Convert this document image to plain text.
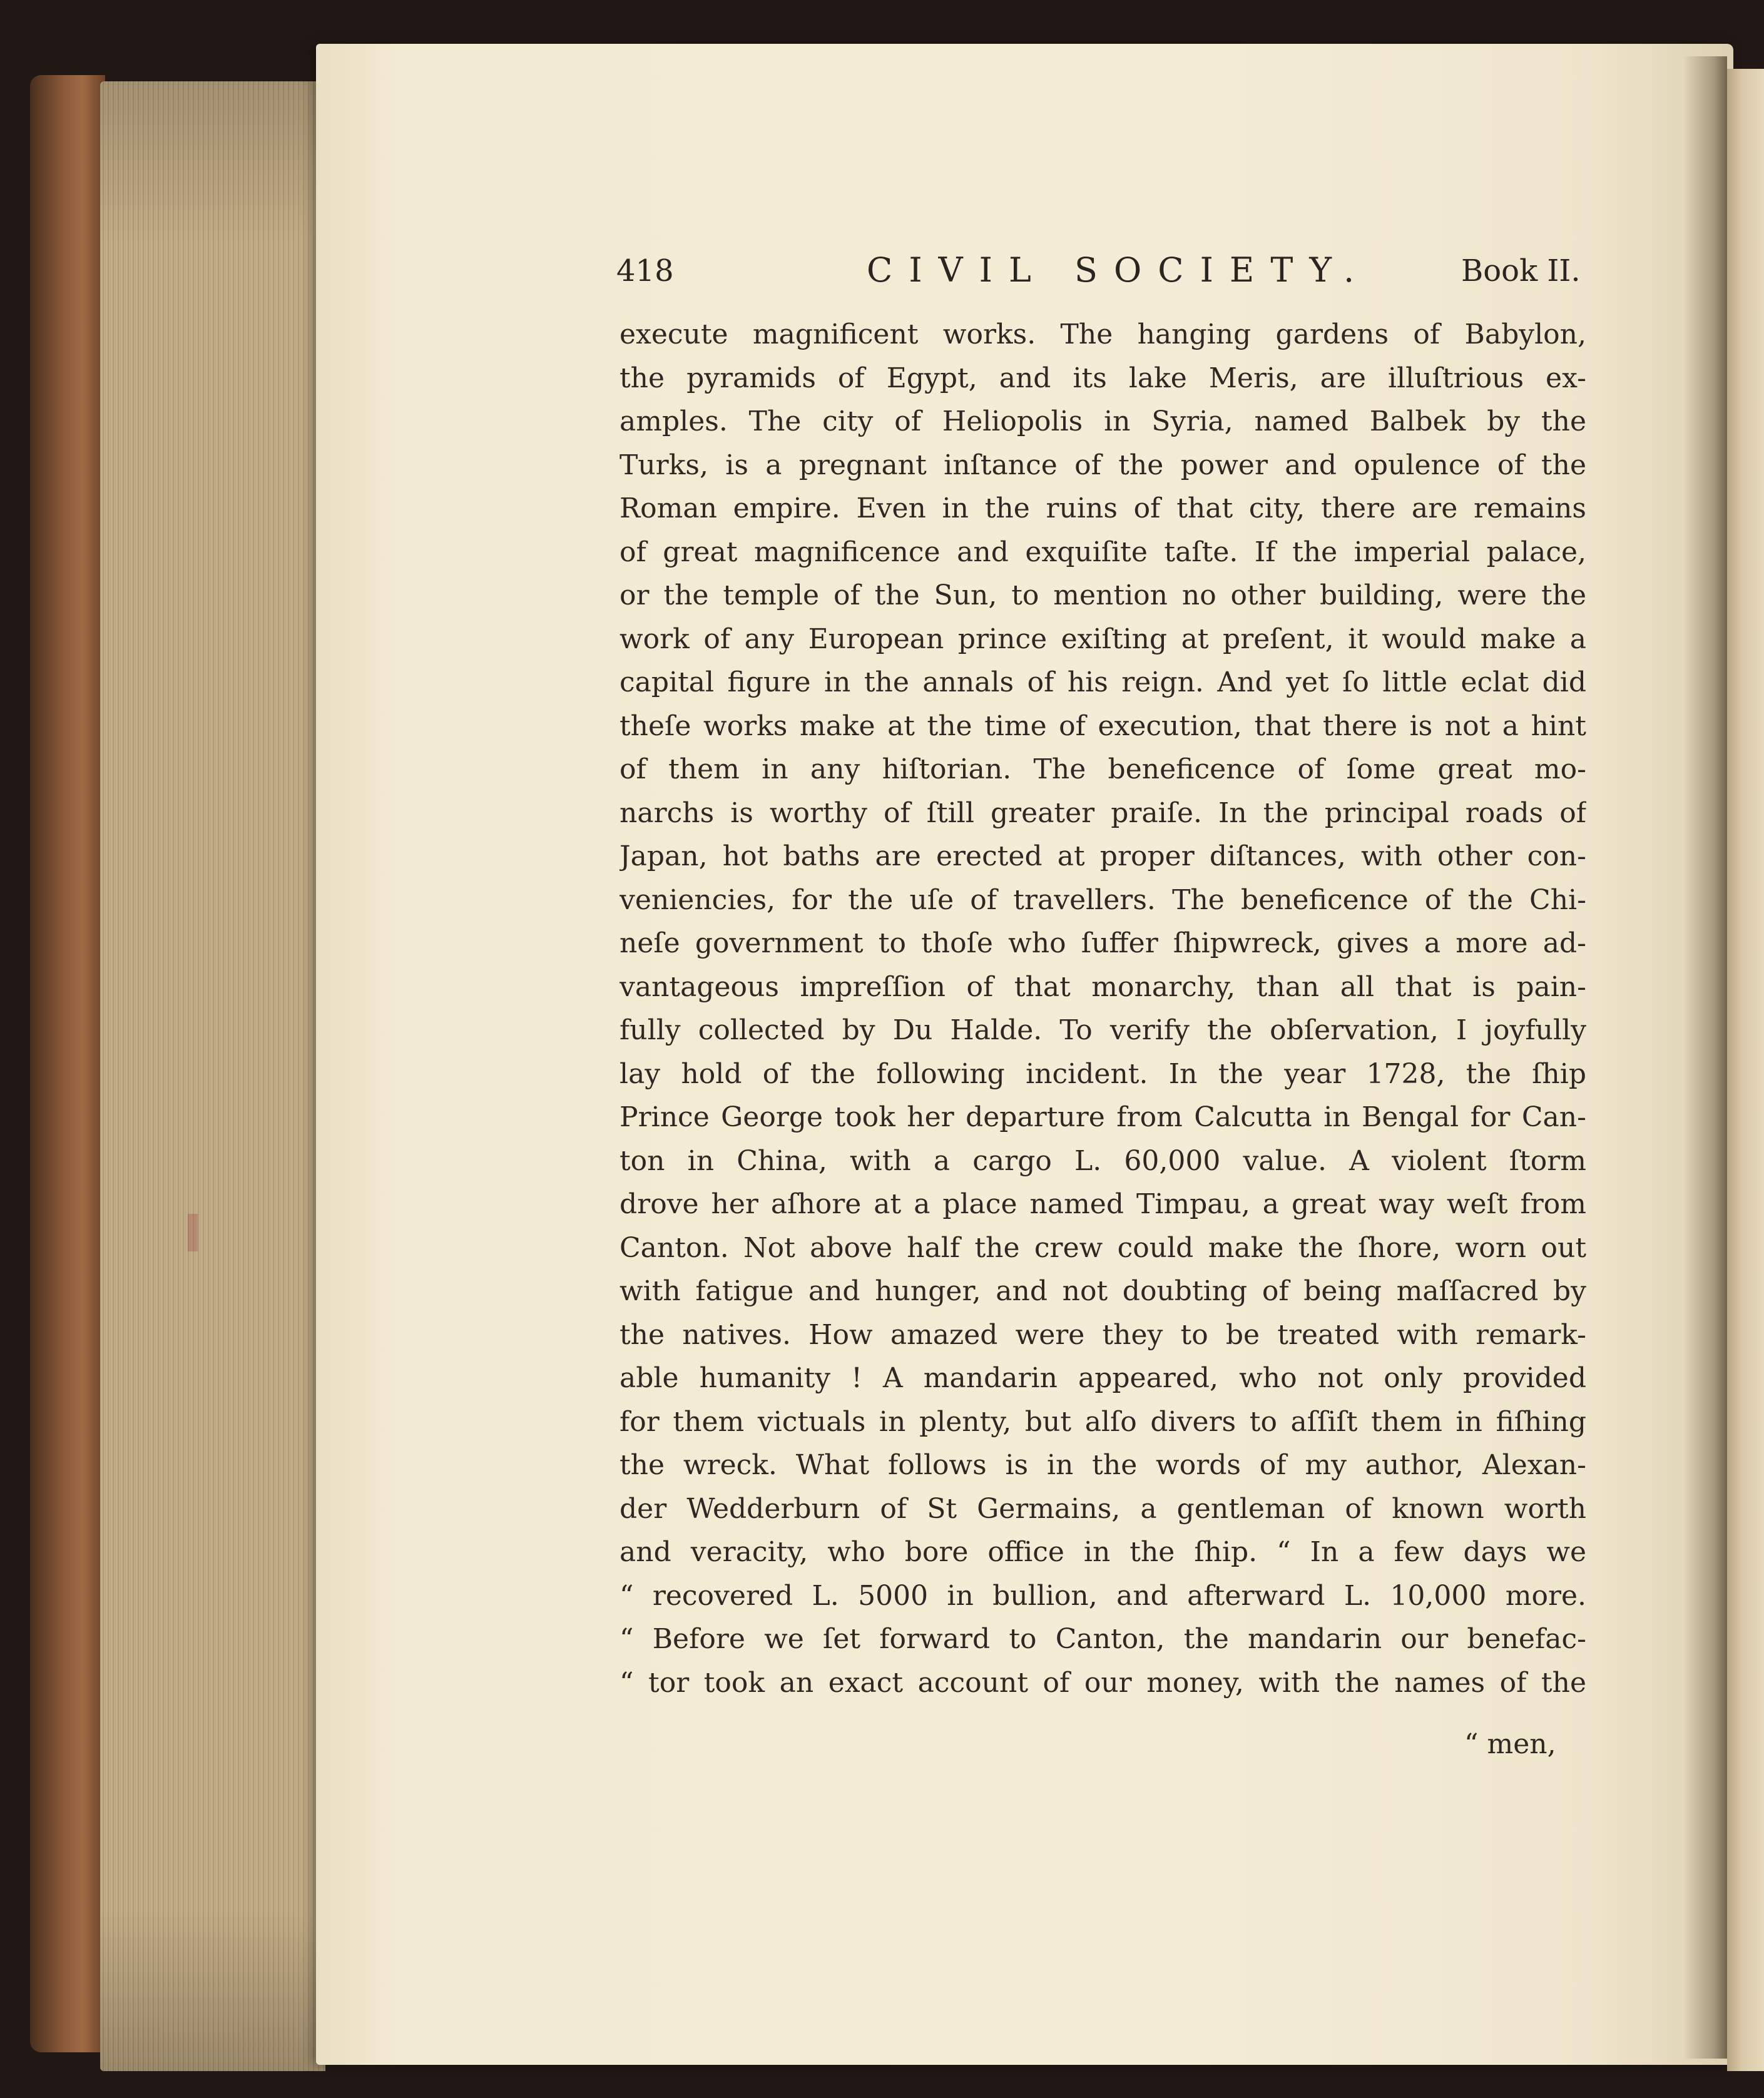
418	CIVIL SOCIETY.	Book II.
execute magnificent works. The hanging gardens of Babylon,
the pyramids of Egypt, and its lake Meris, are illuſtrious ex-
amples. The city of Heliopolis in Syria, named Balbek by the
Turks, is a pregnant inſtance of the power and opulence of the
Roman empire. Even in the ruins of that city, there are remains
of great magnificence and exquiſite taſte. If the imperial palace,
or the temple of the Sun, to mention no other building, were the
work of any European prince exiſting at preſent, it would make a
capital figure in the annals of his reign. And yet ſo little eclat did
theſe works make at the time of execution, that there is not a hint
of them in any hiſtorian. The beneficence of ſome great mo-
narchs is worthy of ſtill greater praiſe. In the principal roads of
Japan, hot baths are erected at proper diſtances, with other con-
veniencies, for the uſe of travellers. The beneficence of the Chi-
neſe government to thoſe who ſuffer ſhipwreck, gives a more ad-
vantageous impreſſion of that monarchy, than all that is pain-
fully collected by Du Halde. To verify the obſervation, I joyfully
lay hold of the following incident. In the year 1728, the ſhip
Prince George took her departure from Calcutta in Bengal for Can-
ton in China, with a cargo L. 60,000 value. A violent ſtorm
drove her aſhore at a place named Timpau, a great way weſt from
Canton. Not above half the crew could make the ſhore, worn out
with fatigue and hunger, and not doubting of being maſſacred by
the natives. How amazed were they to be treated with remark-
able humanity ! A mandarin appeared, who not only provided
for them victuals in plenty, but alſo divers to aſſiſt them in fiſhing
the wreck. What follows is in the words of my author, Alexan-
der Wedderburn of St Germains, a gentleman of known worth
and veracity, who bore office in the ſhip. “ In a few days we
“ recovered L. 5000 in bullion, and afterward L. 10,000 more.
“ Before we ſet forward to Canton, the mandarin our benefac-
“ tor took an exact account of our money, with the names of the
“ men,
